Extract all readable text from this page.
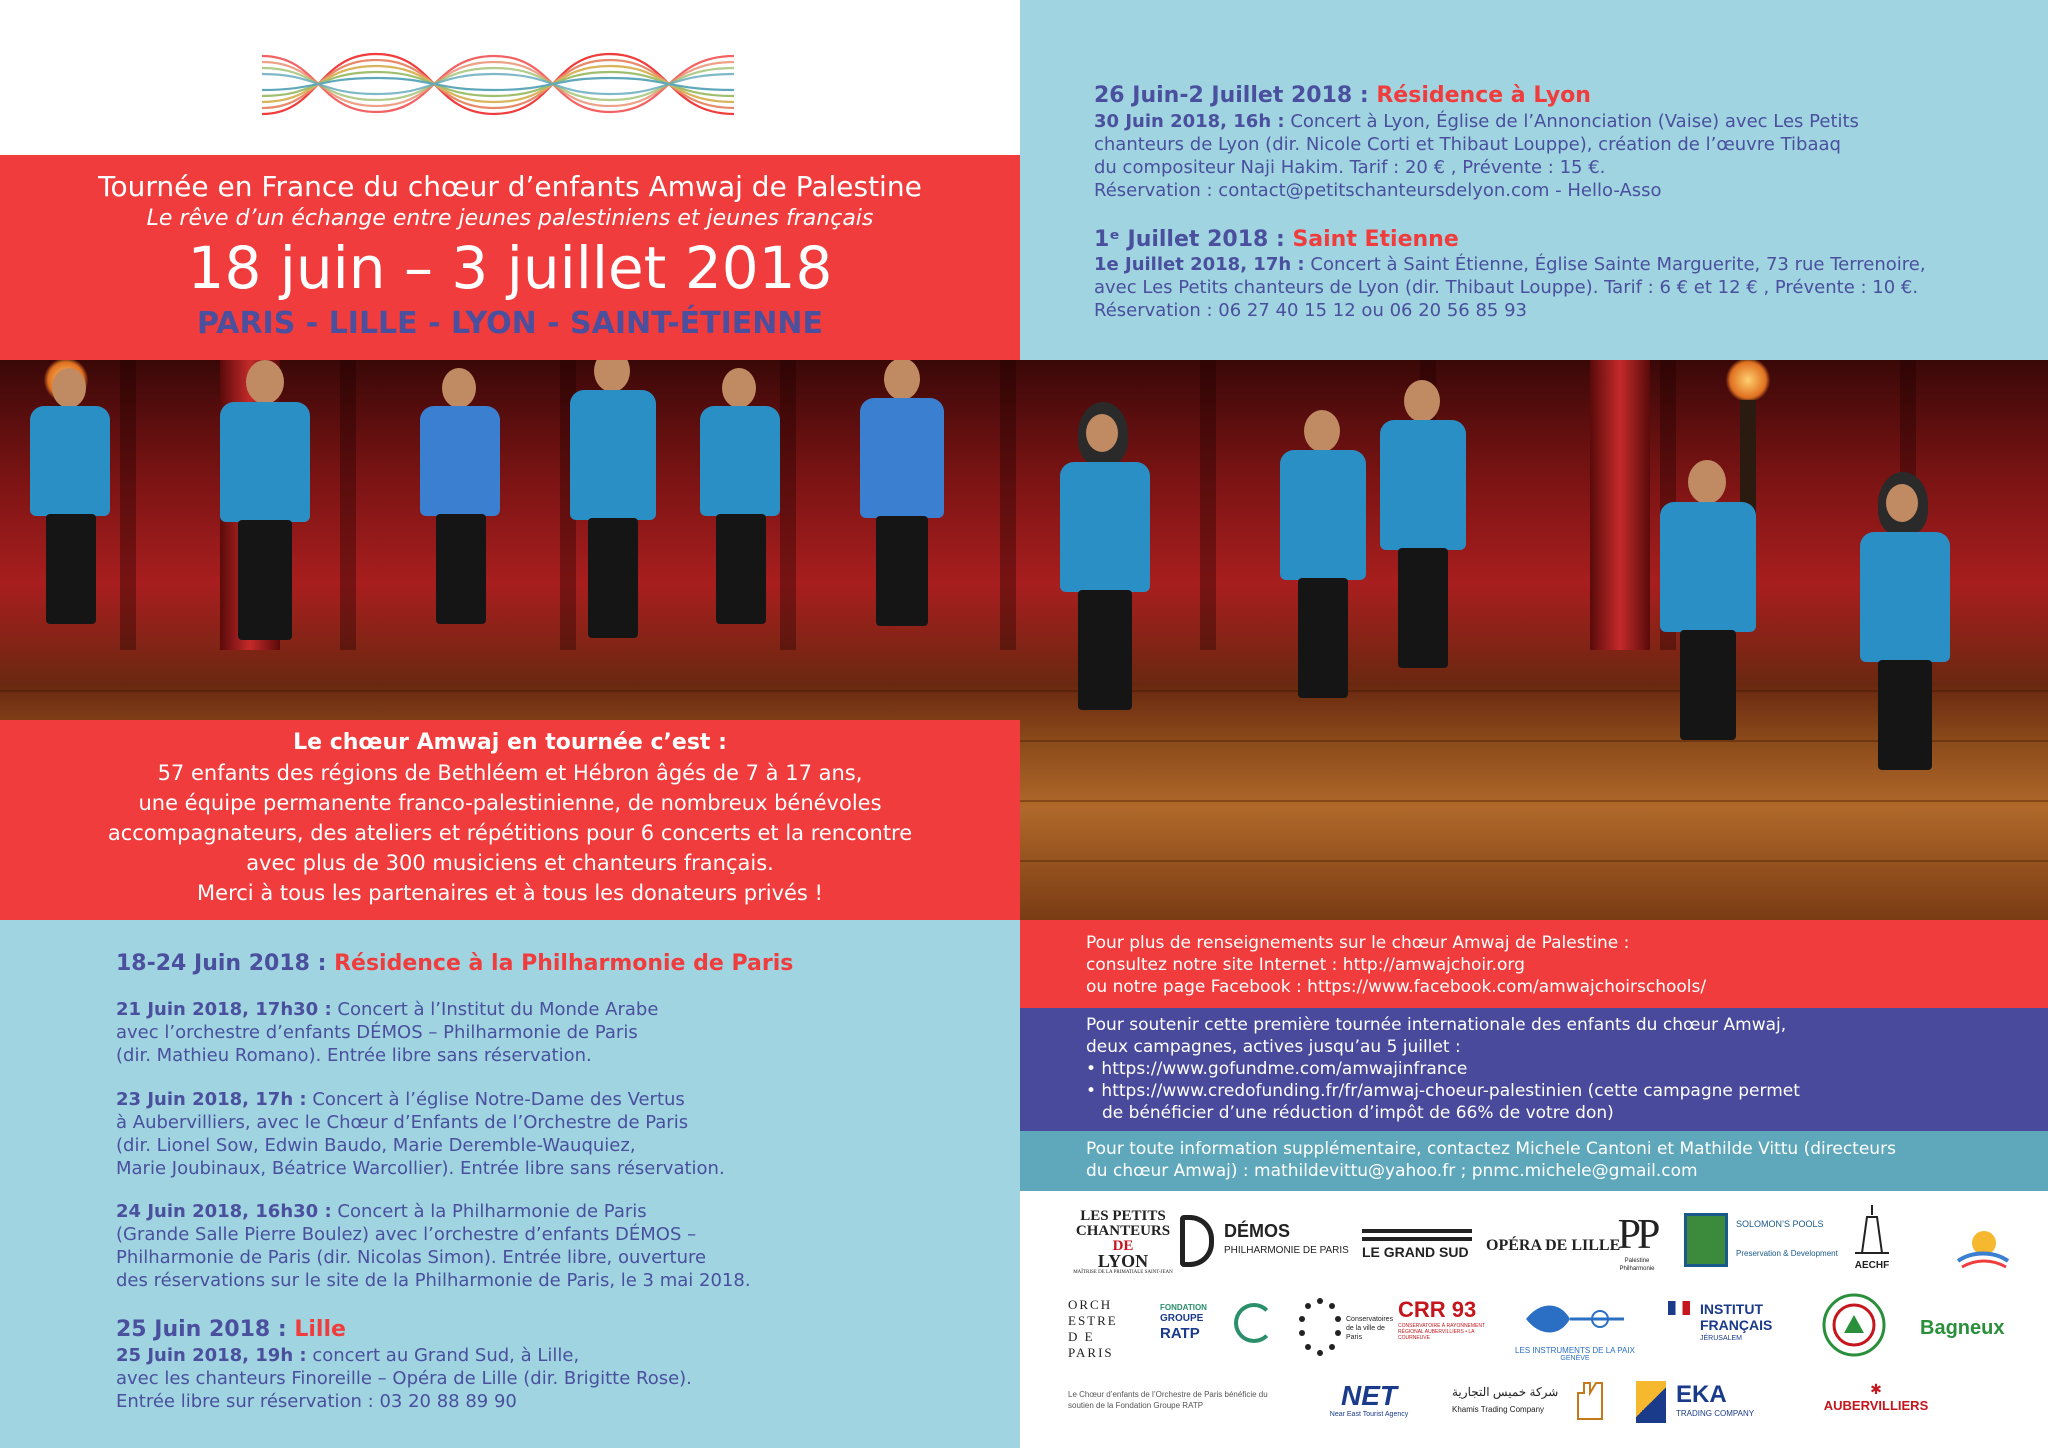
Tournée en France du chœur d’enfants Amwaj de Palestine
Le rêve d’un échange entre jeunes palestiniens et jeunes français
18 juin – 3 juillet 2018
PARIS - LILLE - LYON - SAINT-ÉTIENNE
26 Juin-2 Juillet 2018 : Résidence à Lyon
30 Juin 2018, 16h : Concert à Lyon, Église de l’Annonciation (Vaise) avec Les Petits
chanteurs de Lyon (dir. Nicole Corti et Thibaut Louppe), création de l’œuvre Tibaaq
du compositeur Naji Hakim. Tarif : 20 € , Prévente : 15 €.
Réservation : contact@petitschanteursdelyon.com - Hello-Asso
1ᵉ Juillet 2018 : Saint Etienne
1e Juillet 2018, 17h : Concert à Saint Étienne, Église Sainte Marguerite, 73 rue Terrenoire,
avec Les Petits chanteurs de Lyon (dir. Thibaut Louppe). Tarif : 6 € et 12 € , Prévente : 10 €.
Réservation : 06 27 40 15 12 ou 06 20 56 85 93
Le chœur Amwaj en tournée c’est :
57 enfants des régions de Bethléem et Hébron âgés de 7 à 17 ans,
une équipe permanente franco-palestinienne, de nombreux bénévoles
accompagnateurs, des ateliers et répétitions pour 6 concerts et la rencontre
avec plus de 300 musiciens et chanteurs français.
Merci à tous les partenaires et à tous les donateurs privés !
18-24 Juin 2018 : Résidence à la Philharmonie de Paris
21 Juin 2018, 17h30 : Concert à l’Institut du Monde Arabe
avec l’orchestre d’enfants DÉMOS – Philharmonie de Paris
(dir. Mathieu Romano). Entrée libre sans réservation.
23 Juin 2018, 17h : Concert à l’église Notre-Dame des Vertus
à Aubervilliers, avec le Chœur d’Enfants de l’Orchestre de Paris
(dir. Lionel Sow, Edwin Baudo, Marie Deremble-Wauquiez,
Marie Joubinaux, Béatrice Warcollier). Entrée libre sans réservation.
24 Juin 2018, 16h30 : Concert à la Philharmonie de Paris
(Grande Salle Pierre Boulez) avec l’orchestre d’enfants DÉMOS –
Philharmonie de Paris (dir. Nicolas Simon). Entrée libre, ouverture
des réservations sur le site de la Philharmonie de Paris, le 3 mai 2018.
25 Juin 2018 : Lille
25 Juin 2018, 19h : concert au Grand Sud, à Lille,
avec les chanteurs Finoreille – Opéra de Lille (dir. Brigitte Rose).
Entrée libre sur réservation : 03 20 88 89 90
Pour plus de renseignements sur le chœur Amwaj de Palestine :
consultez notre site Internet : http://amwajchoir.org
ou notre page Facebook : https://www.facebook.com/amwajchoirschools/
Pour soutenir cette première tournée internationale des enfants du chœur Amwaj,
deux campagnes, actives jusqu’au 5 juillet :
• https://www.gofundme.com/amwajinfrance
• https://www.credofunding.fr/fr/amwaj-choeur-palestinien (cette campagne permet
de bénéficier d’une réduction d’impôt de 66% de votre don)
Pour toute information supplémentaire, contactez Michele Cantoni et Mathilde Vittu (directeurs
du chœur Amwaj) : mathildevittu@yahoo.fr ; pnmc.michele@gmail.com
LES PETITS
CHANTEURS
DE
LYON
MAÎTRISE DE LA PRIMATIALE SAINT-JEAN
DÉMOS
PHILHARMONIE DE PARIS LE GRAND SUD OPÉRA DE LILLE
PP
Palestine Philharmonie
SOLOMON’S POOLS
Preservation & Development
AECHF
ORCH
ESTRE
D E
PARIS
FONDATION
GROUPE
RATP
Conservatoires de la ville de Paris
CRR 93
CONSERVATOIRE À RAYONNEMENT RÉGIONAL AUBERVILLIERS • LA COURNEUVE
LES INSTRUMENTS DE LA PAIX
GENÈVE
INSTITUT
FRANÇAIS
JÉRUSALEM	Bagneux
Le Chœur d’enfants de l’Orchestre de Paris bénéficie du soutien de la Fondation Groupe RATP	NET
Near East Tourist Agency
شركة خميس التجارية
Khamis Trading Company
EKA
TRADING COMPANY
✱
AUBERVILLIERS
